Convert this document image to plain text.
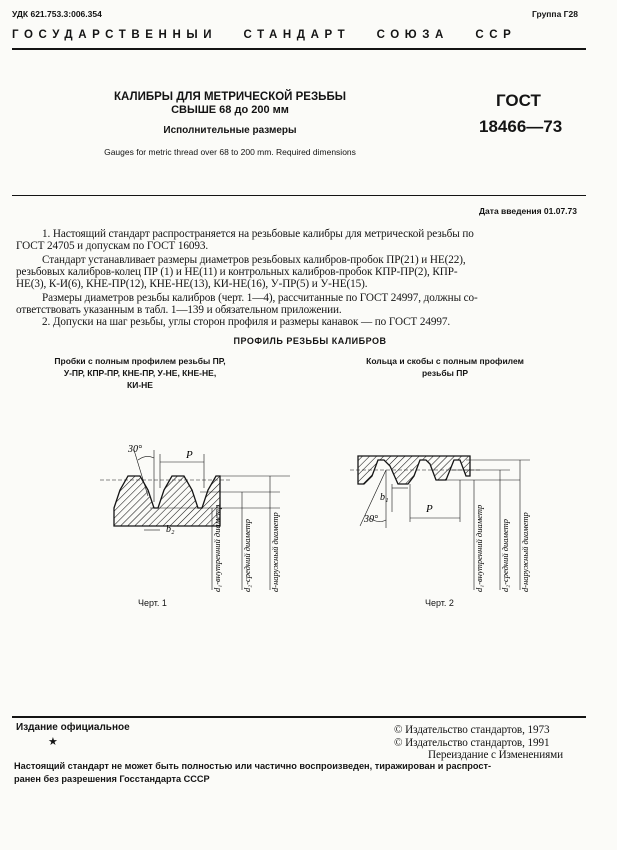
УДК 621.753.3:006.354	Группа Г28
ГОСУДАРСТВЕННЫЙ   СТАНДАРТ   СОЮЗА   ССР
КАЛИБРЫ ДЛЯ МЕТРИЧЕСКОЙ РЕЗЬБЫ
СВЫШЕ 68 до 200 мм
Исполнительные размеры
Gauges for metric thread over 68 to 200 mm. Required dimensions
ГОСТ
18466—73
Дата введения 01.07.73
1. Настоящий стандарт распространяется на резьбовые калибры для метрической резьбы по
ГОСТ 24705 и допускам по ГОСТ 16093.
Стандарт устанавливает размеры диаметров резьбовых калибров-пробок ПР(21) и НЕ(22),
резьбовых калибров-колец ПР (1) и НЕ(11) и контрольных калибров-пробок КПР-ПР(2), КПР-
НЕ(3), К-И(6), КНЕ-ПР(12), КНЕ-НЕ(13), КИ-НЕ(16), У-ПР(5) и У-НЕ(15).
Размеры диаметров резьбы калибров (черт. 1—4), рассчитанные по ГОСТ 24997, должны со-
ответствовать указанным в табл. 1—139 и обязательном приложении.
2. Допуски на шаг резьбы, углы сторон профиля и размеры канавок — по ГОСТ 24997.
ПРОФИЛЬ РЕЗЬБЫ КАЛИБРОВ
Пробки с полным профилем резьбы ПР,
У-ПР, КПР-ПР, КНЕ-ПР, У-НЕ, КНЕ-НЕ,
КИ-НЕ
Кольца и скобы с полным профилем
резьбы ПР
30°	P
b₂	d₁-внутренний диаметр d₂-средний диаметр d-наружный диаметр	30°
P
b₁
d₁-внутренний диаметр d₂-средний диаметр d-наружный диаметр
Черт. 1	Черт. 2
Издание официальное
★
© Издательство стандартов, 1973
© Издательство стандартов, 1991
Переиздание с Изменениями
Настоящий стандарт не может быть полностью или частично воспроизведен, тиражирован и распрост-
ранен без разрешения Госстандарта СССР
